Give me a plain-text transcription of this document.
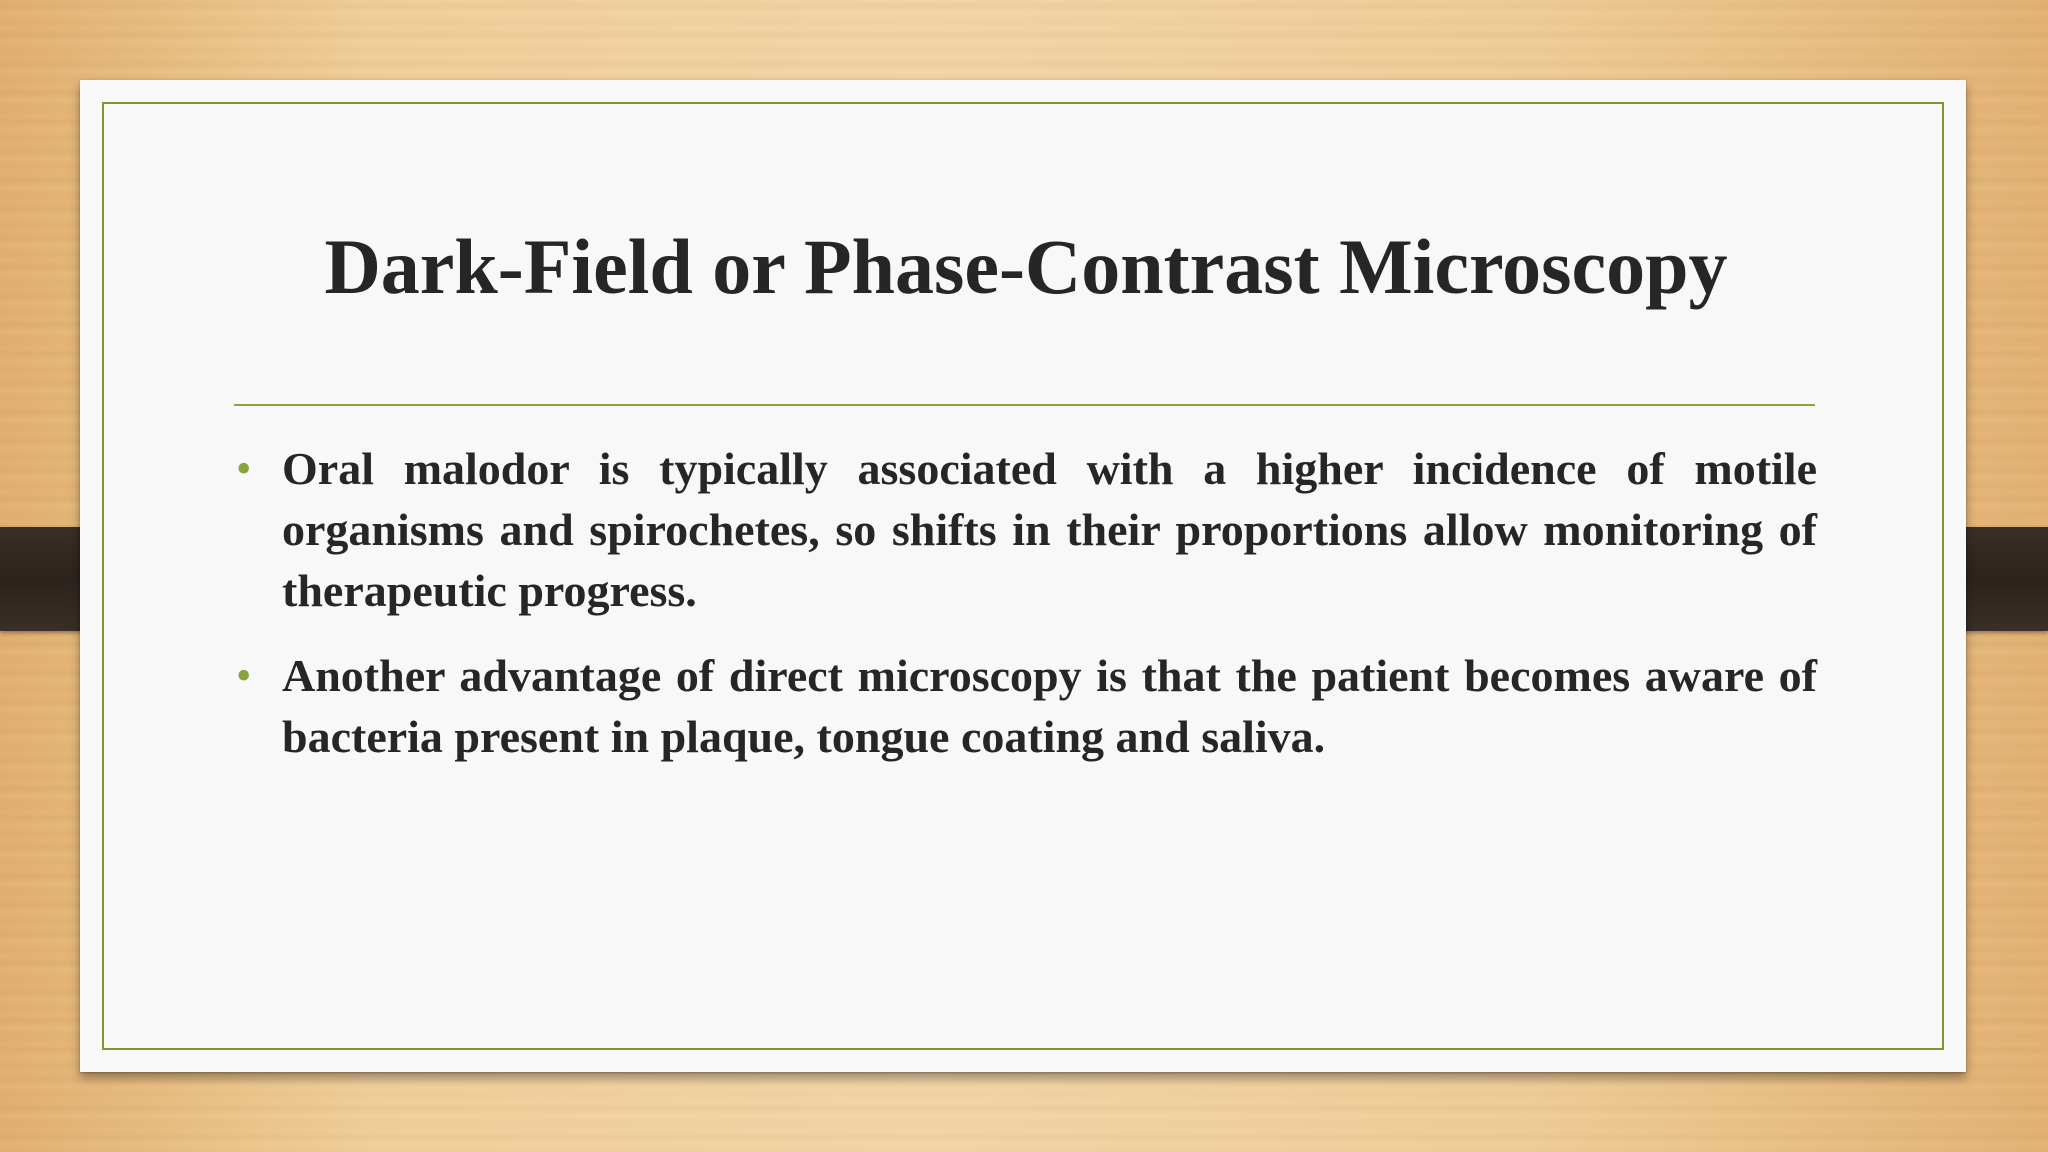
Dark-Field or Phase-Contrast Microscopy
• Oral malodor is typically associated with a higher incidence of motile organisms and spirochetes, so shifts in their proportions allow monitoring of therapeutic progress.
• Another advantage of direct microscopy is that the patient becomes aware of bacteria present in plaque, tongue coating and saliva.
